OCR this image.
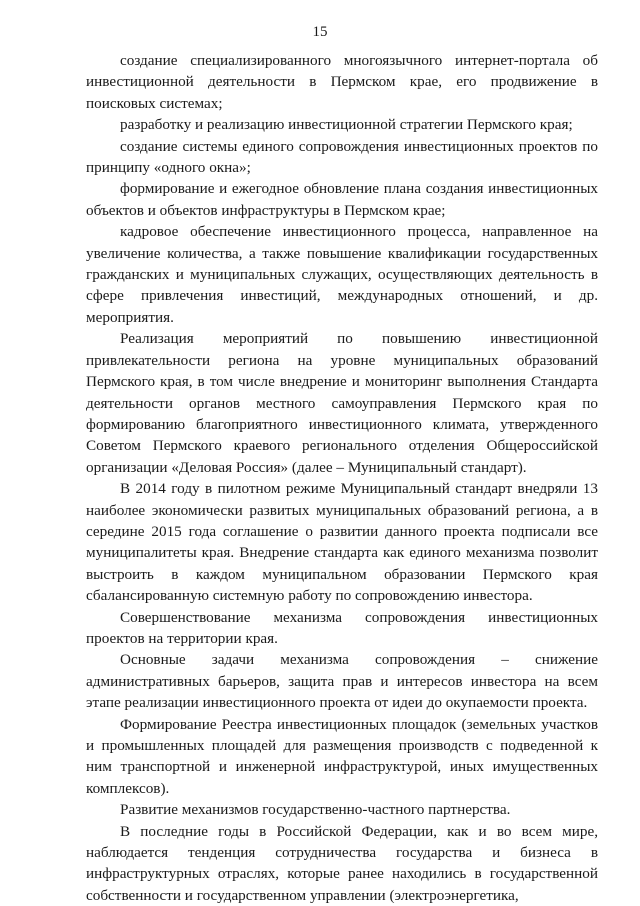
15

создание специализированного многоязычного интернет-портала об инвестиционной деятельности в Пермском крае, его продвижение в поисковых системах;

разработку и реализацию инвестиционной стратегии Пермского края;

создание системы единого сопровождения инвестиционных проектов по принципу «одного окна»;

формирование и ежегодное обновление плана создания инвестиционных объектов и объектов инфраструктуры в Пермском крае;

кадровое обеспечение инвестиционного процесса, направленное на увеличение количества, а также повышение квалификации государственных гражданских и муниципальных служащих, осуществляющих деятельность в сфере привлечения инвестиций, международных отношений, и др. мероприятия.

Реализация мероприятий по повышению инвестиционной привлекательности региона на уровне муниципальных образований Пермского края, в том числе внедрение и мониторинг выполнения Стандарта деятельности органов местного самоуправления Пермского края по формированию благоприятного инвестиционного климата, утвержденного Советом Пермского краевого регионального отделения Общероссийской организации «Деловая Россия» (далее – Муниципальный стандарт).

В 2014 году в пилотном режиме Муниципальный стандарт внедряли 13 наиболее экономически развитых муниципальных образований региона, а в середине 2015 года соглашение о развитии данного проекта подписали все муниципалитеты края. Внедрение стандарта как единого механизма позволит выстроить в каждом муниципальном образовании Пермского края сбалансированную системную работу по сопровождению инвестора.

Совершенствование механизма сопровождения инвестиционных проектов на территории края.

Основные задачи механизма сопровождения – снижение административных барьеров, защита прав и интересов инвестора на всем этапе реализации инвестиционного проекта от идеи до окупаемости проекта.

Формирование Реестра инвестиционных площадок (земельных участков и промышленных площадей для размещения производств с подведенной к ним транспортной и инженерной инфраструктурой, иных имущественных комплексов).

Развитие механизмов государственно-частного партнерства.

В последние годы в Российской Федерации, как и во всем мире, наблюдается тенденция сотрудничества государства и бизнеса в инфраструктурных отраслях, которые ранее находились в государственной собственности и государственном управлении (электроэнергетика,
